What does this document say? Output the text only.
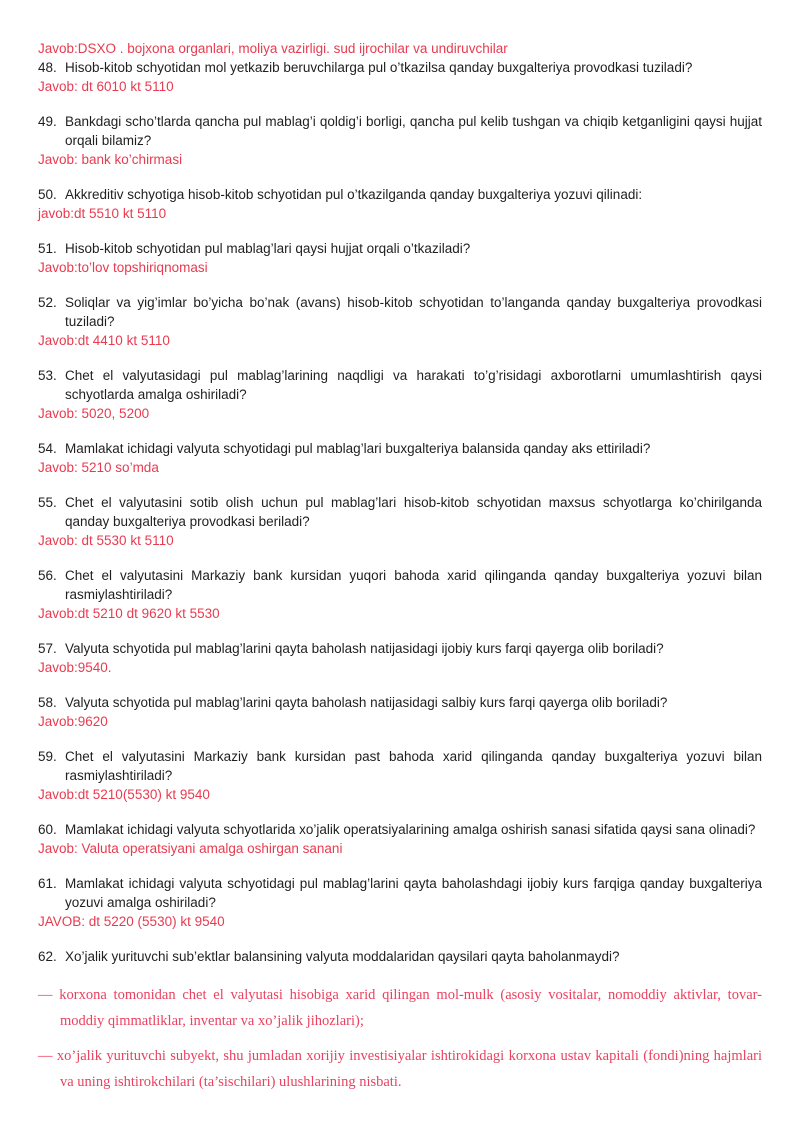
Javob:DSXO . bojxona organlari, moliya vazirligi. sud ijrochilar va undiruvchilar

48. Hisob-kitob schyotidan mol yetkazib beruvchilarga pul o’tkazilsa qanday buxgalteriya provodkasi tuziladi?

Javob: dt 6010 kt 5110

49. Bankdagi scho’tlarda qancha pul mablag’i qoldig’i borligi, qancha pul kelib tushgan va chiqib ketganligini qaysi hujjat orqali bilamiz?

Javob: bank ko’chirmasi

50. Akkreditiv schyotiga hisob-kitob schyotidan pul o’tkazilganda qanday buxgalteriya yozuvi qilinadi:

javob:dt 5510 kt 5110

51. Hisob-kitob schyotidan pul mablag’lari qaysi hujjat orqali o’tkaziladi?

Javob:to’lov topshiriqnomasi

52. Soliqlar va yig’imlar bo’yicha bo’nak (avans) hisob-kitob schyotidan to’langanda qanday buxgalteriya provodkasi tuziladi?

Javob:dt 4410 kt 5110

53. Chet el valyutasidagi pul mablag’larining naqdligi va harakati to’g’risidagi axborotlarni umumlashtirish qaysi schyotlarda amalga oshiriladi?

Javob: 5020, 5200

54. Mamlakat ichidagi valyuta schyotidagi pul mablag’lari buxgalteriya balansida qanday aks ettiriladi?

Javob: 5210 so’mda

55. Chet el valyutasini sotib olish uchun pul mablag’lari hisob-kitob schyotidan maxsus schyotlarga ko’chirilganda qanday buxgalteriya provodkasi beriladi?

Javob: dt 5530 kt 5110

56. Chet el valyutasini Markaziy bank kursidan yuqori bahoda xarid qilinganda qanday buxgalteriya yozuvi bilan rasmiylashtiriladi?

Javob:dt 5210 dt 9620 kt 5530

57. Valyuta schyotida pul mablag’larini qayta baholash natijasidagi ijobiy kurs farqi qayerga olib boriladi?

Javob:9540.

58. Valyuta schyotida pul mablag’larini qayta baholash natijasidagi salbiy kurs farqi qayerga olib boriladi?

Javob:9620

59. Chet el valyutasini Markaziy bank kursidan past bahoda xarid qilinganda qanday buxgalteriya yozuvi bilan rasmiylashtiriladi?

Javob:dt 5210(5530) kt 9540

60. Mamlakat ichidagi valyuta schyotlarida xo’jalik operatsiyalarining amalga oshirish sanasi sifatida qaysi sana olinadi?

Javob: Valuta operatsiyani amalga oshirgan sanani

61. Mamlakat ichidagi valyuta schyotidagi pul mablag’larini qayta baholashdagi ijobiy kurs farqiga qanday buxgalteriya yozuvi amalga oshiriladi?

JAVOB: dt 5220 (5530) kt 9540

62. Xo’jalik yurituvchi sub’ektlar balansining valyuta moddalaridan qaysilari qayta baholanmaydi?

— korxona tomonidan chet el valyutasi hisobiga xarid qilingan mol-mulk (asosiy vositalar, nomoddiy aktivlar, tovar-moddiy qimmatliklar, inventar va xo’jalik jihozlari);

— xo’jalik yurituvchi subyekt, shu jumladan xorijiy investisiyalar ishtirokidagi korxona ustav kapitali (fondi)ning hajmlari va uning ishtirokchilari (ta’sischilari) ulushlarining nisbati.
